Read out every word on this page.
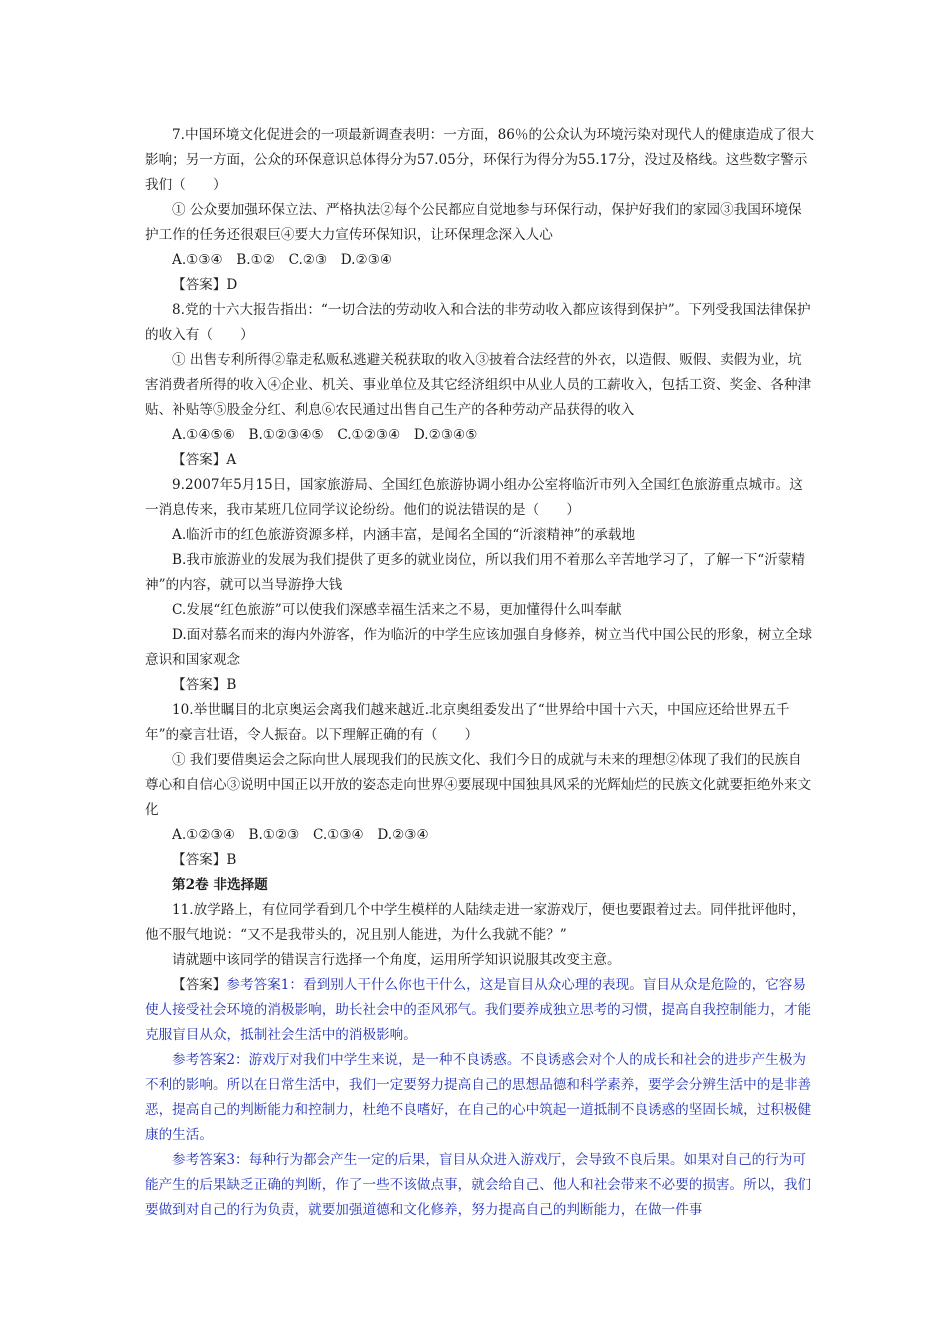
7.中国环境文化促进会的一项最新调查表明：一方面，86％的公众认为环境污染对现代人的健康造成了很大影响；另一方面，公众的环保意识总体得分为57.05分，环保行为得分为55.17分，没过及格线。这些数字警示我们（　　）

① 公众要加强环保立法、严格执法②每个公民都应自觉地参与环保行动，保护好我们的家园③我国环境保护工作的任务还很艰巨④要大力宣传环保知识，让环保理念深入人心

A.①③④　B.①②　C.②③　D.②③④

【答案】D

8.党的十六大报告指出：“一切合法的劳动收入和合法的非劳动收入都应该得到保护”。下列受我国法律保护的收入有（　　）

① 出售专利所得②靠走私贩私逃避关税获取的收入③披着合法经营的外衣，以造假、贩假、卖假为业，坑害消费者所得的收入④企业、机关、事业单位及其它经济组织中从业人员的工薪收入，包括工资、奖金、各种津贴、补贴等⑤股金分红、利息⑥农民通过出售自己生产的各种劳动产品获得的收入

A.①④⑤⑥　B.①②③④⑤　C.①②③④　D.②③④⑤

【答案】A

9.2007年5月15日，国家旅游局、全国红色旅游协调小组办公室将临沂市列入全国红色旅游重点城市。这一消息传来，我市某班几位同学议论纷纷。他们的说法错误的是（　　）

A.临沂市的红色旅游资源多样，内涵丰富，是闻名全国的“沂滚精神”的承载地

B.我市旅游业的发展为我们提供了更多的就业岗位，所以我们用不着那么辛苦地学习了，了解一下“沂蒙精神”的内容，就可以当导游挣大钱

C.发展“红色旅游”可以使我们深感幸福生活来之不易，更加懂得什么叫奉献

D.面对慕名而来的海内外游客，作为临沂的中学生应该加强自身修养，树立当代中国公民的形象，树立全球意识和国家观念

【答案】B

10.举世瞩目的北京奥运会离我们越来越近.北京奥组委发出了“世界给中国十六天，中国应还给世界五千年”的豪言壮语，令人振奋。以下理解正确的有（　　）

① 我们要借奥运会之际向世人展现我们的民族文化、我们今日的成就与未来的理想②体现了我们的民族自尊心和自信心③说明中国正以开放的姿态走向世界④要展现中国独具风采的光辉灿烂的民族文化就要拒绝外来文化

A.①②③④　B.①②③　C.①③④　D.②③④

【答案】B

第2卷 非选择题

11.放学路上，有位同学看到几个中学生模样的人陆续走进一家游戏厅，便也要跟着过去。同伴批评他时，他不服气地说：“又不是我带头的，况且别人能进，为什么我就不能？”

请就题中该同学的错误言行选择一个角度，运用所学知识说服其改变主意。

【答案】参考答案1：看到别人干什么你也干什么，这是盲目从众心理的表现。盲目从众是危险的，它容易使人接受社会环境的消极影响，助长社会中的歪风邪气。我们要养成独立思考的习惯，提高自我控制能力，才能克服盲目从众，抵制社会生活中的消极影响。

参考答案2：游戏厅对我们中学生来说，是一种不良诱惑。不良诱惑会对个人的成长和社会的进步产生极为不利的影响。所以在日常生活中，我们一定要努力提高自己的思想品德和科学素养，要学会分辨生活中的是非善恶，提高自己的判断能力和控制力，杜绝不良嗜好，在自己的心中筑起一道抵制不良诱惑的坚固长城，过积极健康的生活。

参考答案3：每种行为都会产生一定的后果，盲目从众进入游戏厅，会导致不良后果。如果对自己的行为可能产生的后果缺乏正确的判断，作了一些不该做点事，就会给自己、他人和社会带来不必要的损害。所以，我们要做到对自己的行为负责，就要加强道德和文化修养，努力提高自己的判断能力，在做一件事
